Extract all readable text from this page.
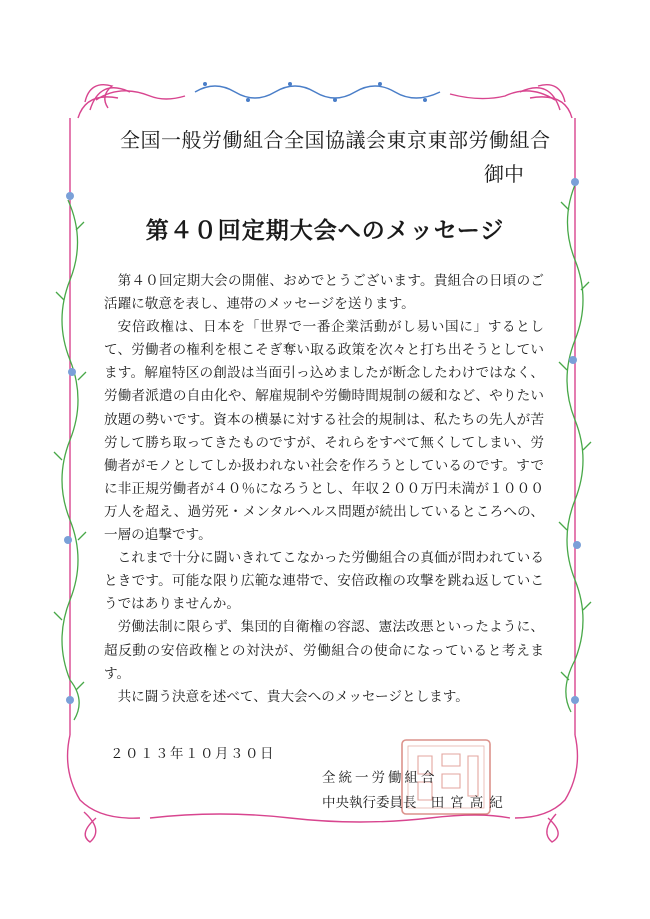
全国一般労働組合全国協議会東京東部労働組合
御中
第４０回定期大会へのメッセージ

第４０回定期大会の開催、おめでとうございます。貴組合の日頃のご活躍に敬意を表し、連帯のメッセージを送ります。

安倍政権は、日本を「世界で一番企業活動がし易い国に」するとして、労働者の権利を根こそぎ奪い取る政策を次々と打ち出そうとしています。解雇特区の創設は当面引っ込めましたが断念したわけではなく、労働者派遣の自由化や、解雇規制や労働時間規制の緩和など、やりたい放題の勢いです。資本の横暴に対する社会的規制は、私たちの先人が苦労して勝ち取ってきたものですが、それらをすべて無くしてしまい、労働者がモノとしてしか扱われない社会を作ろうとしているのです。すでに非正規労働者が４０％になろうとし、年収２００万円未満が１０００万人を超え、過労死・メンタルヘルス問題が続出しているところへの、一層の追撃です。

これまで十分に闘いきれてこなかった労働組合の真価が問われているときです。可能な限り広範な連帯で、安倍政権の攻撃を跳ね返していこうではありませんか。

労働法制に限らず、集団的自衛権の容認、憲法改悪といったように、超反動の安倍政権との対決が、労働組合の使命になっていると考えます。

共に闘う決意を述べて、貴大会へのメッセージとします。

２０１３年１０月３０日
全統一労働組合
中央執行委員長 田宮高紀
